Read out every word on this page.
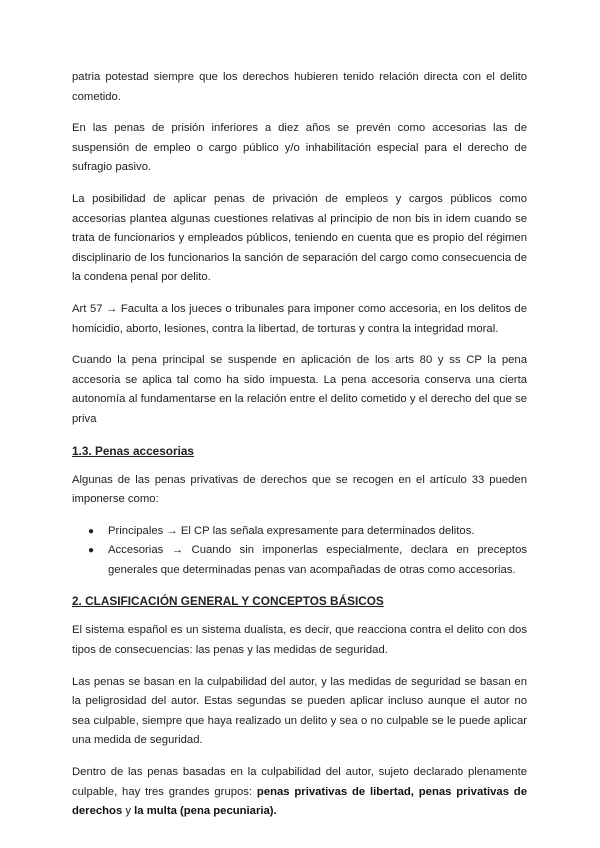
patria potestad siempre que los derechos hubieren tenido relación directa con el delito cometido.

En las penas de prisión inferiores a diez años se prevén como accesorias las de suspensión de empleo o cargo público y/o inhabilitación especial para el derecho de sufragio pasivo.

La posibilidad de aplicar penas de privación de empleos y cargos públicos como accesorias plantea algunas cuestiones relativas al principio de non bis in idem cuando se trata de funcionarios y empleados públicos, teniendo en cuenta que es propio del régimen disciplinario de los funcionarios la sanción de separación del cargo como consecuencia de la condena penal por delito.

Art 57 → Faculta a los jueces o tribunales para imponer como accesoria, en los delitos de homicidio, aborto, lesiones, contra la libertad, de torturas y contra la integridad moral.

Cuando la pena principal se suspende en aplicación de los arts 80 y ss CP la pena accesoria se aplica tal como ha sido impuesta. La pena accesoria conserva una cierta autonomía al fundamentarse en la relación entre el delito cometido y el derecho del que se priva

1.3. Penas accesorias

Algunas de las penas privativas de derechos que se recogen en el artículo 33 pueden imponerse como:

● Principales → El CP las señala expresamente para determinados delitos.
● Accesorias → Cuando sin imponerlas especialmente, declara en preceptos generales que determinadas penas van acompañadas de otras como accesorias.
2. CLASIFICACIÓN GENERAL Y CONCEPTOS BÁSICOS

El sistema español es un sistema dualista, es decir, que reacciona contra el delito con dos tipos de consecuencias: las penas y las medidas de seguridad.

Las penas se basan en la culpabilidad del autor, y las medidas de seguridad se basan en la peligrosidad del autor. Estas segundas se pueden aplicar incluso aunque el autor no sea culpable, siempre que haya realizado un delito y sea o no culpable se le puede aplicar una medida de seguridad.

Dentro de las penas basadas en la culpabilidad del autor, sujeto declarado plenamente culpable, hay tres grandes grupos: penas privativas de libertad, penas privativas de derechos y la multa (pena pecuniaria).
